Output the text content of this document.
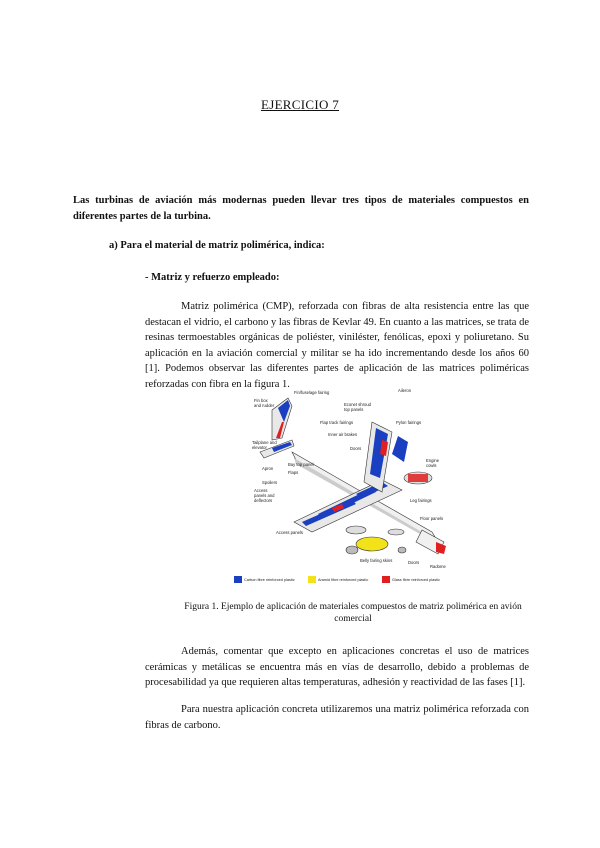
EJERCICIO 7
Las turbinas de aviación más modernas pueden llevar tres tipos de materiales compuestos en diferentes partes de la turbina.
a) Para el material de matriz polimérica, indica:
- Matriz y refuerzo empleado:
Matriz polimérica (CMP), reforzada con fibras de alta resistencia entre las que destacan el vidrio, el carbono y las fibras de Kevlar 49. En cuanto a las matrices, se trata de resinas termoestables orgánicas de poliéster, viniléster, fenólicas, epoxi y poliuretano. Su aplicación en la aviación comercial y militar se ha ido incrementando desde los años 60 [1]. Podemos observar las diferentes partes de aplicación de las matrices poliméricas reforzadas con fibra en la figura 1.
Fin box
and rudder
Fin/fuselage fairing
Tailplane and
elevator
Apron
Spoilers
Access
panels and
deflectors
Access panels
Bay top panel
Flaps
Flap track fairings
Inner air brakes
Aileron
Econet shroud
top panels
Doors
Pylon fairings
Engine
cowls
Leg fairings
Floor panels
Belly fairing skins	Doors
Radome
Carbon fibre reinforced plastic	Aramid fibre reinforced plastic	Glass fibre reinforced plastic
Figura 1. Ejemplo de aplicación de materiales compuestos de matriz polimérica en avión comercial
Además, comentar que excepto en aplicaciones concretas el uso de matrices cerámicas y metálicas se encuentra más en vías de desarrollo, debido a problemas de procesabilidad ya que requieren altas temperaturas, adhesión y reactividad de las fases [1].
Para nuestra aplicación concreta utilizaremos una matriz polimérica reforzada con fibras de carbono.
